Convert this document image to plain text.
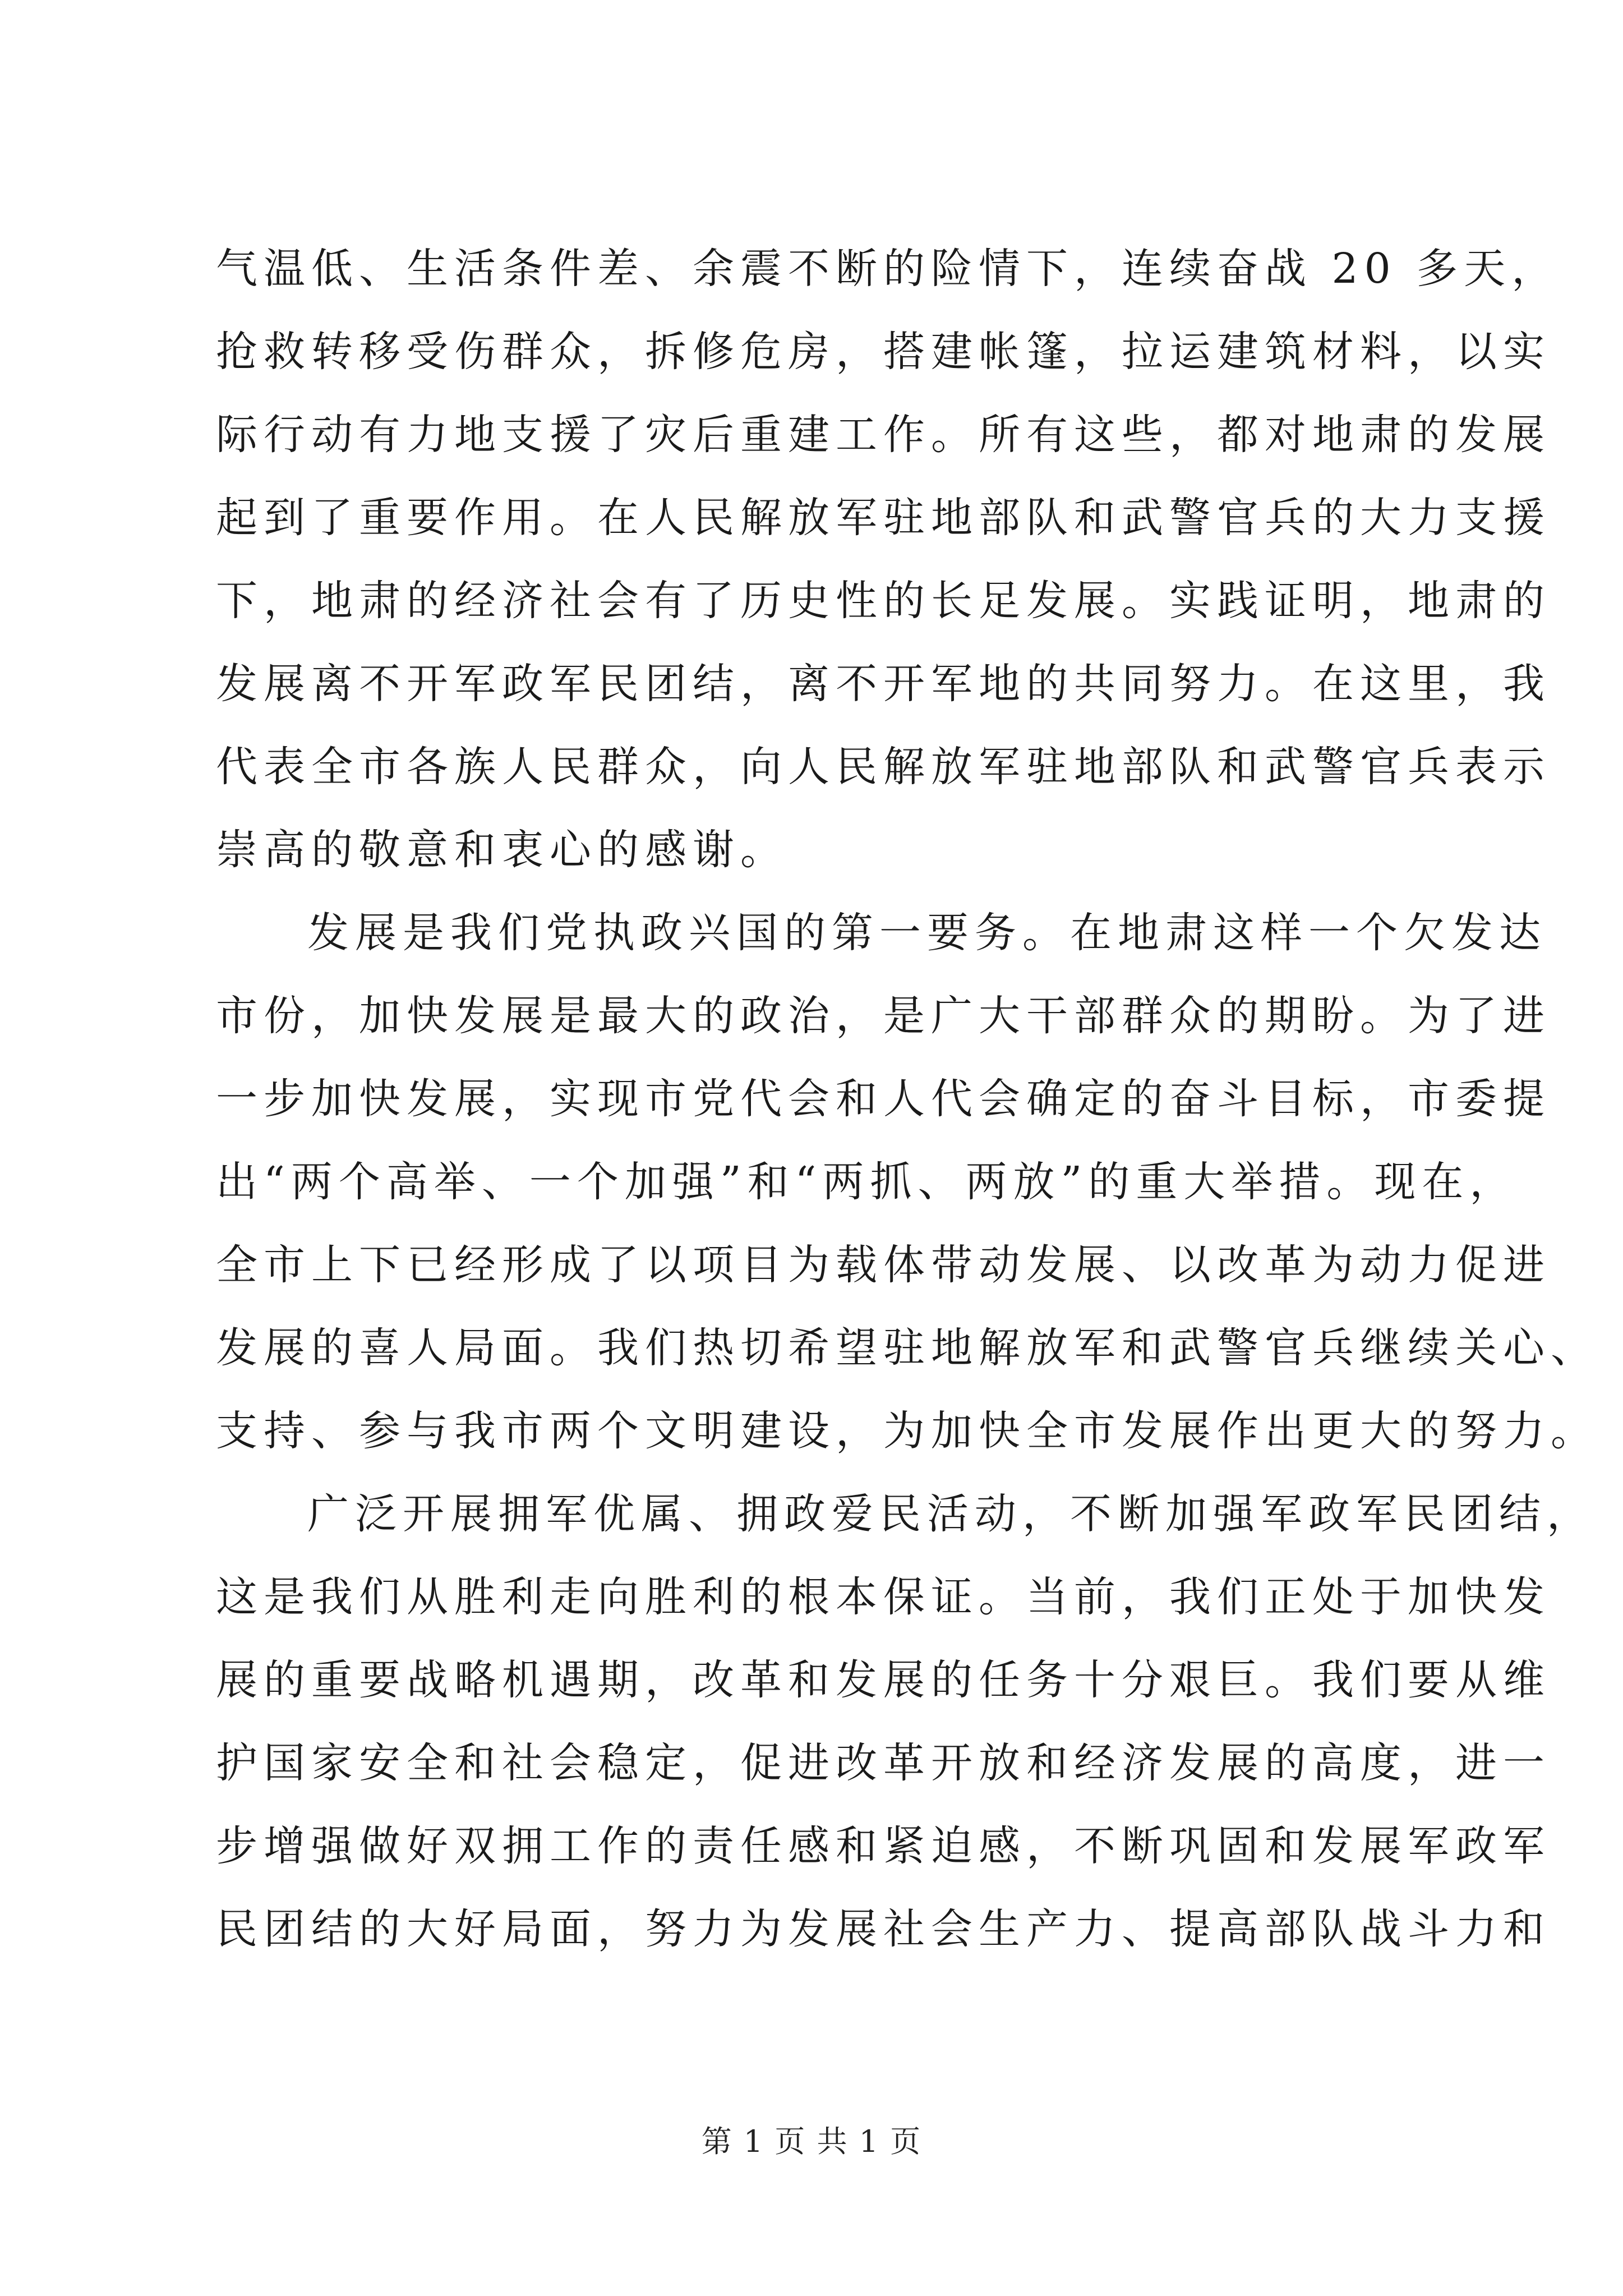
气温低、生活条件差、余震不断的险情下，连续奋战 20 多天，
抢救转移受伤群众，拆修危房，搭建帐篷，拉运建筑材料，以实
际行动有力地支援了灾后重建工作。所有这些，都对地肃的发展
起到了重要作用。在人民解放军驻地部队和武警官兵的大力支援
下，地肃的经济社会有了历史性的长足发展。实践证明，地肃的
发展离不开军政军民团结，离不开军地的共同努力。在这里，我
代表全市各族人民群众，向人民解放军驻地部队和武警官兵表示
崇高的敬意和衷心的感谢。
发展是我们党执政兴国的第一要务。在地肃这样一个欠发达
市份，加快发展是最大的政治，是广大干部群众的期盼。为了进
一步加快发展，实现市党代会和人代会确定的奋斗目标，市委提
出“两个高举、一个加强”和“两抓、两放”的重大举措。现在，
全市上下已经形成了以项目为载体带动发展、以改革为动力促进
发展的喜人局面。我们热切希望驻地解放军和武警官兵继续关心、
支持、参与我市两个文明建设，为加快全市发展作出更大的努力。
广泛开展拥军优属、拥政爱民活动，不断加强军政军民团结，
这是我们从胜利走向胜利的根本保证。当前，我们正处于加快发
展的重要战略机遇期，改革和发展的任务十分艰巨。我们要从维
护国家安全和社会稳定，促进改革开放和经济发展的高度，进一
步增强做好双拥工作的责任感和紧迫感，不断巩固和发展军政军
民团结的大好局面，努力为发展社会生产力、提高部队战斗力和
第 1 页 共 1 页
